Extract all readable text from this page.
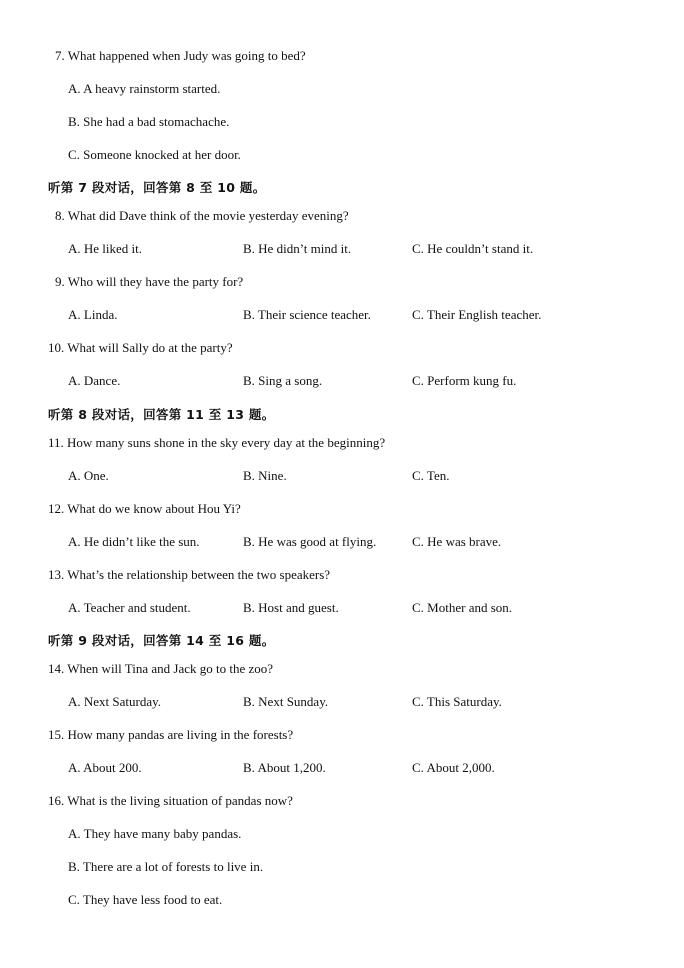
7. What happened when Judy was going to bed?
A. A heavy rainstorm started.
B. She had a bad stomachache.
C. Someone knocked at her door.
听第 7 段对话，回答第 8 至 10 题。
8. What did Dave think of the movie yesterday evening?
A. He liked it.	B. He didn’t mind it.	C. He couldn’t stand it.
9. Who will they have the party for?
A. Linda.	B. Their science teacher.	C. Their English teacher.
10. What will Sally do at the party?
A. Dance.	B. Sing a song.	C. Perform kung fu.
听第 8 段对话，回答第 11 至 13 题。
11. How many suns shone in the sky every day at the beginning?
A. One.	B. Nine.	C. Ten.
12. What do we know about Hou Yi?
A. He didn’t like the sun.	B. He was good at flying.	C. He was brave.
13. What’s the relationship between the two speakers?
A. Teacher and student.	B. Host and guest.	C. Mother and son.
听第 9 段对话，回答第 14 至 16 题。
14. When will Tina and Jack go to the zoo?
A. Next Saturday.	B. Next Sunday.	C. This Saturday.
15. How many pandas are living in the forests?
A. About 200.	B. About 1,200.	C. About 2,000.
16. What is the living situation of pandas now?
A. They have many baby pandas.
B. There are a lot of forests to live in.
C. They have less food to eat.
